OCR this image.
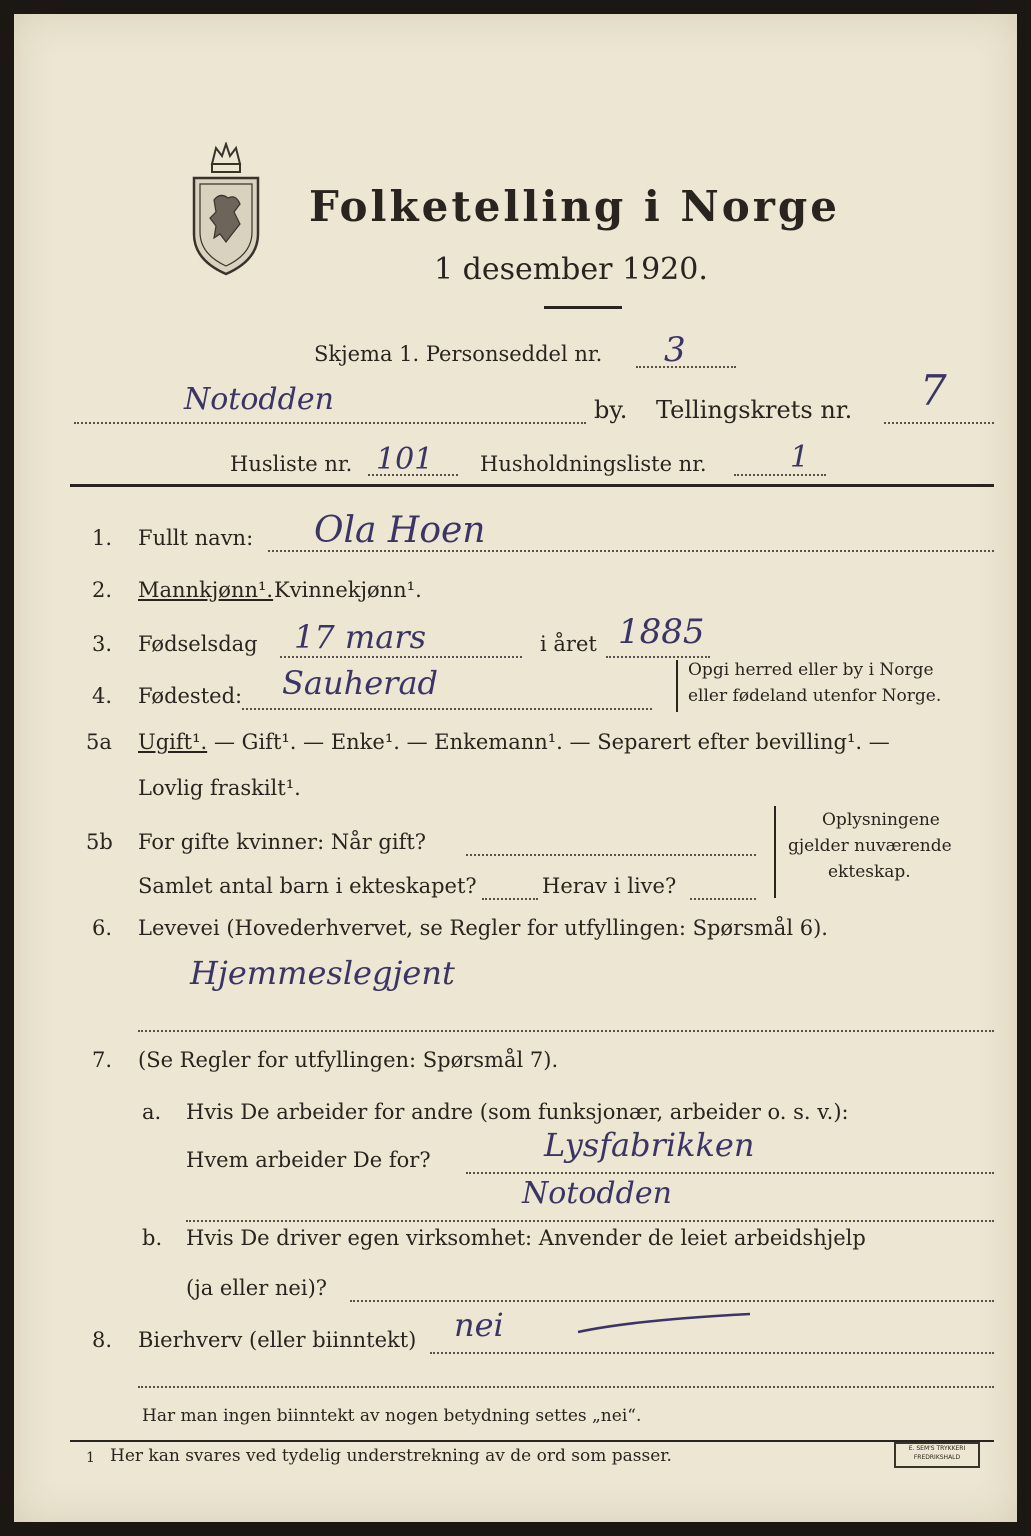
Folketelling i Norge
1 desember 1920.
Skjema 1. Personseddel nr. 3
Notodden	by. Tellingskrets nr. 7
Husliste nr. 101 Husholdningsliste nr.	1
1. Fullt navn: Ola Hoen
2. Mannkjønn¹. Kvinnekjønn¹.
3. Fødselsdag 17 mars	i året 1885
4. Fødested: Sauherad	Opgi herred eller by i Norge
eller fødeland utenfor Norge.
5a Ugift¹. — Gift¹. — Enke¹. — Enkemann¹. — Separert efter bevilling¹. —
Lovlig fraskilt¹.
5b For gifte kvinner: Når gift?
Samlet antal barn i ekteskapet?	Herav i live?
Oplysningene
gjelder nuværende
ekteskap.
6. Levevei (Hovederhvervet, se Regler for utfyllingen: Spørsmål 6).
Hjemmeslegjent
7. (Se Regler for utfyllingen: Spørsmål 7).
a. Hvis De arbeider for andre (som funksjonær, arbeider o. s. v.):
Hvem arbeider De for?	Lysfabrikken
Notodden
b. Hvis De driver egen virksomhet: Anvender de leiet arbeidshjelp
(ja eller nei)?
8. Bierhverv (eller biinntekt) nei
Har man ingen biinntekt av nogen betydning settes „nei“.
1 Her kan svares ved tydelig understrekning av de ord som passer.	E. SEM'S TRYKKERI FREDRIKSHALD
